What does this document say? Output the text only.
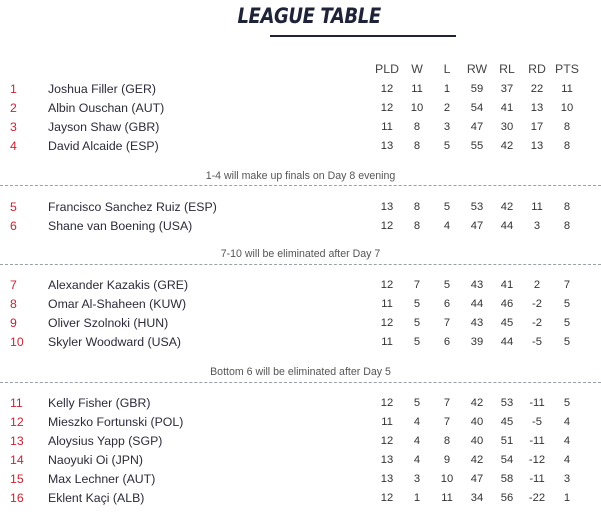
LEAGUE TABLE
PLD W	L	RW RL	RD PTS
1	Joshua Filler (GER)	12	11	1	59	37	22	11
2	Albin Ouschan (AUT)	12	10	2	54	41	13	10
3	Jayson Shaw (GBR)	11	8	3	47	30	17	8
4	David Alcaide (ESP)	13	8	5	55	42	13	8
1-4 will make up finals on Day 8 evening
5	Francisco Sanchez Ruiz (ESP)	13	8	5	53	42	11	8
6	Shane van Boening (USA)	12	8	4	47	44	3	8
7-10 will be eliminated after Day 7
7	Alexander Kazakis (GRE)	12	7	5	43	41	2	7
8	Omar Al-Shaheen (KUW)	11	5	6	44	46	-2	5
9	Oliver Szolnoki (HUN)	12	5	7	43	45	-2	5
10 Skyler Woodward (USA)	11	5	6	39	44	-5	5
Bottom 6 will be eliminated after Day 5
11 Kelly Fisher (GBR)	12	5	7	42	53	-11	5
12 Mieszko Fortunski (POL)	11	4	7	40	45	-5	4
13 Aloysius Yapp (SGP)	12	4	8	40	51	-11	4
14 Naoyuki Oi (JPN)	13	4	9	42	54	-12	4
15 Max Lechner (AUT)	13	3	10	47	58	-11	3
16 Eklent Kaçi (ALB)	12	1	11	34	56	-22	1
